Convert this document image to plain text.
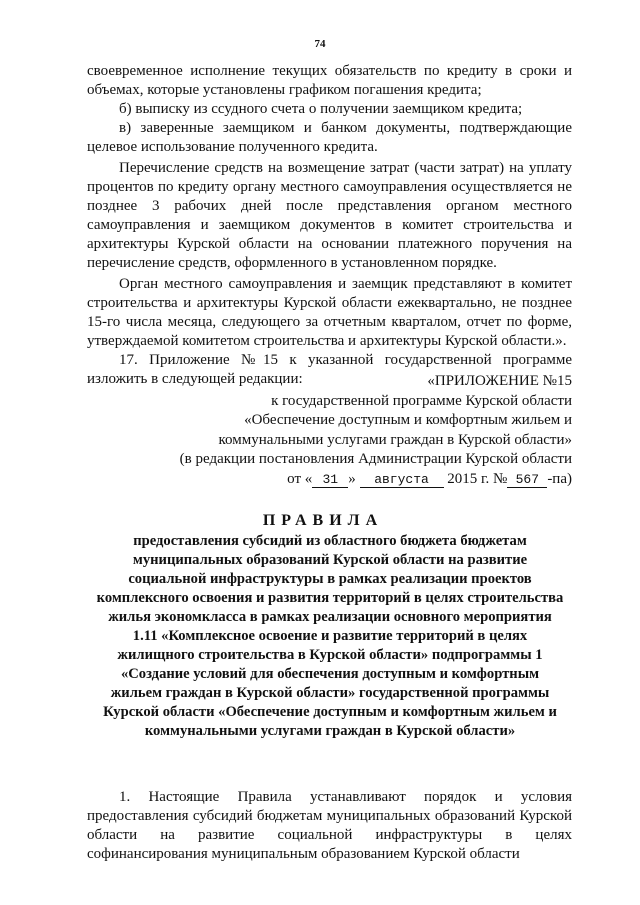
74

своевременное исполнение текущих обязательств по кредиту в сроки и объемах, которые установлены графиком погашения кредита;

б) выписку из ссудного счета о получении заемщиком кредита;

в) заверенные заемщиком и банком документы, подтверждающие целевое использование полученного кредита.

Перечисление средств на возмещение затрат (части затрат) на уплату процентов по кредиту органу местного самоуправления осуществляется не позднее 3 рабочих дней после представления органом местного самоуправления и заемщиком документов в комитет строительства и архитектуры Курской области на основании платежного поручения на перечисление средств, оформленного в установленном порядке.

Орган местного самоуправления и заемщик представляют в комитет строительства и архитектуры Курской области ежеквартально, не позднее 15-го числа месяца, следующего за отчетным кварталом, отчет по форме, утверждаемой комитетом строительства и архитектуры Курской области.».

17. Приложение №15 к указанной государственной программе изложить в следующей редакции:	«ПРИЛОЖЕНИЕ №15
к государственной программе Курской области
«Обеспечение доступным и комфортным жильем и
коммунальными услугами граждан в Курской области»
(в редакции постановления Администрации Курской области
от « 31 » августа 2015 г. № 567 -па)
ПРАВИЛА
предоставления субсидий из областного бюджета бюджетам
муниципальных образований Курской области на развитие
социальной инфраструктуры в рамках реализации проектов
комплексного освоения и развития территорий в целях строительства
жилья экономкласса в рамках реализации основного мероприятия
1.11 «Комплексное освоение и развитие территорий в целях
жилищного строительства в Курской области» подпрограммы 1
«Создание условий для обеспечения доступным и комфортным
жильем граждан в Курской области» государственной программы
Курской области «Обеспечение доступным и комфортным жильем и
коммунальными услугами граждан в Курской области»

1. Настоящие Правила устанавливают порядок и условия предоставления субсидий бюджетам муниципальных образований Курской области на развитие социальной инфраструктуры в целях софинансирования муниципальным образованием Курской области
